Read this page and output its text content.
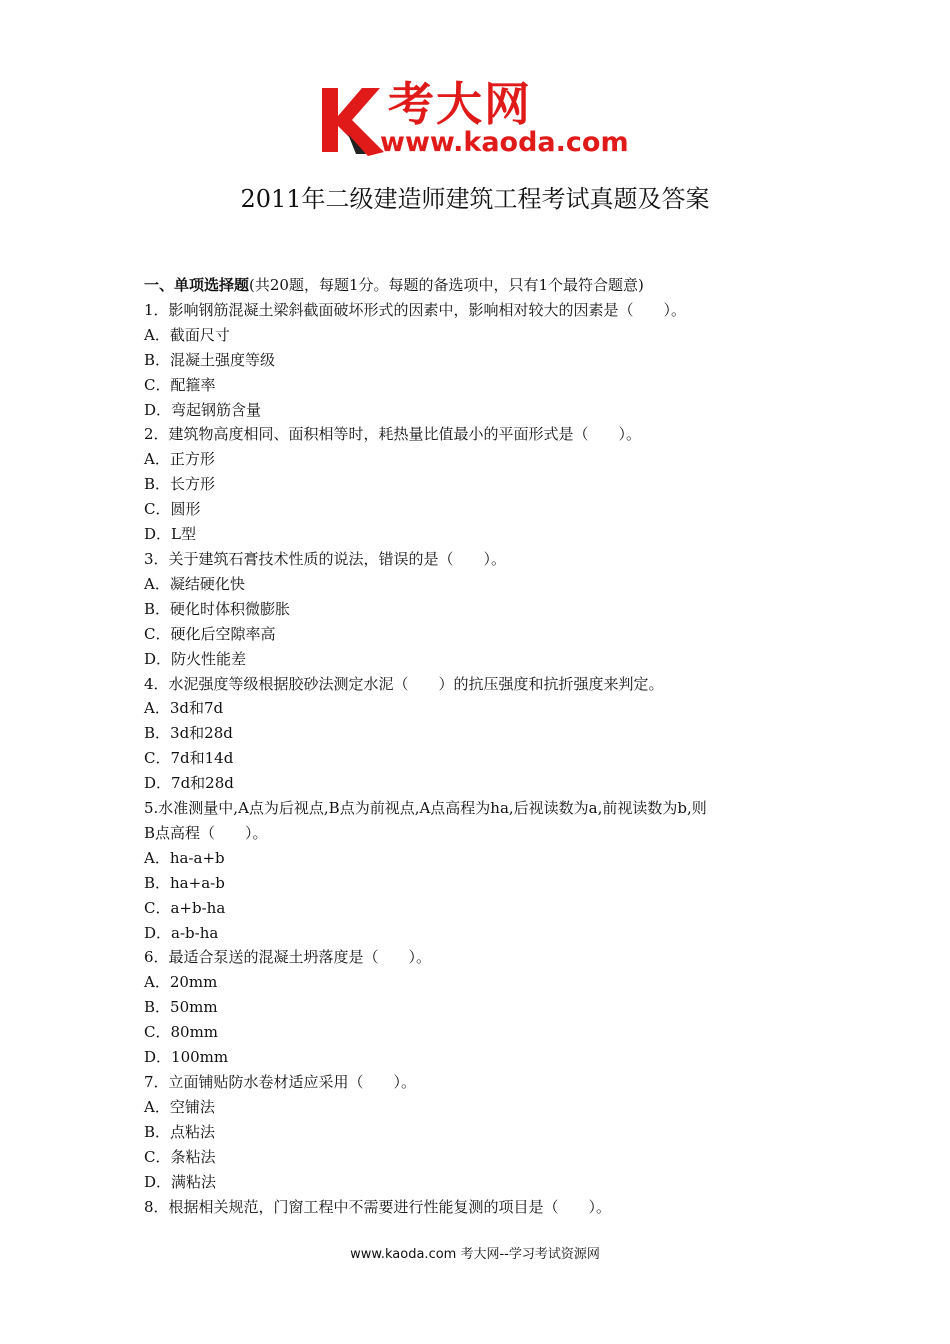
考大网
www.kaoda.com
2011年二级建造师建筑工程考试真题及答案
一、单项选择题(共20题，每题1分。每题的备选项中，只有1个最符合题意)
1．影响钢筋混凝土梁斜截面破坏形式的因素中，影响相对较大的因素是（　　）。
A．截面尺寸
B．混凝土强度等级
C．配箍率
D．弯起钢筋含量
2．建筑物高度相同、面积相等时，耗热量比值最小的平面形式是（　　）。
A．正方形
B．长方形
C．圆形
D．L型
3．关于建筑石膏技术性质的说法，错误的是（　　）。
A．凝结硬化快
B．硬化时体积微膨胀
C．硬化后空隙率高
D．防火性能差
4．水泥强度等级根据胶砂法测定水泥（　　）的抗压强度和抗折强度来判定。
A．3d和7d
B．3d和28d
C．7d和14d
D．7d和28d
5.水准测量中,A点为后视点,B点为前视点,A点高程为ha,后视读数为a,前视读数为b,则
B点高程（　　）。
A．ha-a+b
B．ha+a-b
C．a+b-ha
D．a-b-ha
6．最适合泵送的混凝土坍落度是（　　）。
A．20mm
B．50mm
C．80mm
D．100mm
7．立面铺贴防水卷材适应采用（　　）。
A．空铺法
B．点粘法
C．条粘法
D．满粘法
8．根据相关规范，门窗工程中不需要进行性能复测的项目是（　　）。
www.kaoda.com 考大网--学习考试资源网
